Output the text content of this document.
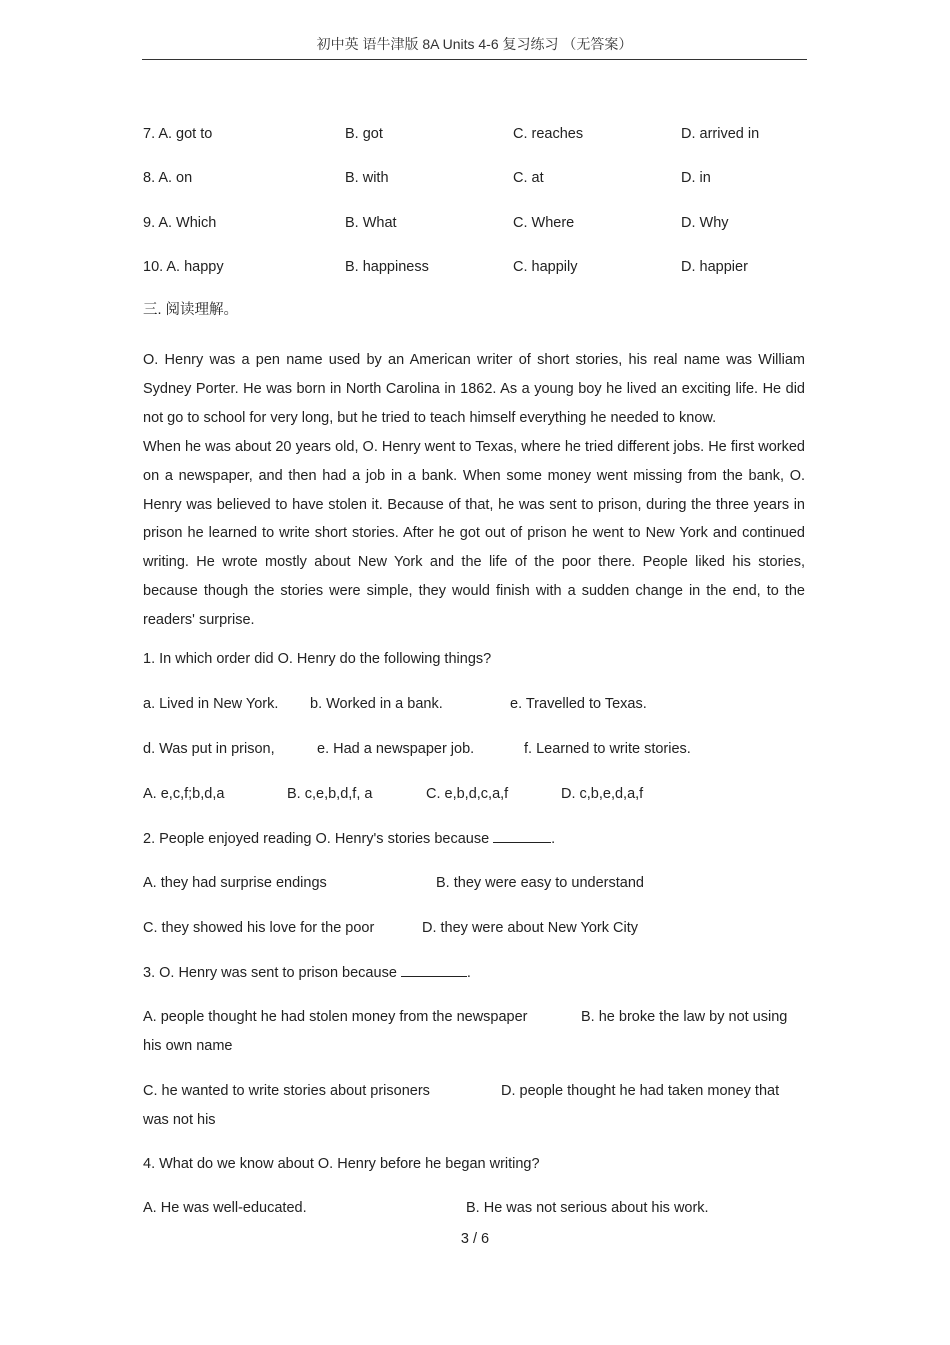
初中英 语牛津版 8A Units 4-6 复习练习 （无答案）
7. A. got to	B. got	C. reaches	D. arrived in
8. A. on	B. with	C. at	D. in
9. A. Which	B. What	C. Where	D. Why
10. A. happy	B. happiness	C. happily	D. happier
三. 阅读理解。

O. Henry was a pen name used by an American writer of short stories, his real name was William Sydney Porter. He was born in North Carolina in 1862. As a young boy he lived an exciting life. He did not go to school for very long, but he tried to teach himself everything he needed to know.

When he was about 20 years old, O. Henry went to Texas, where he tried different jobs. He first worked on a newspaper, and then had a job in a bank. When some money went missing from the bank, O. Henry was believed to have stolen it. Because of that, he was sent to prison, during the three years in prison he learned to write short stories. After he got out of prison he went to New York and continued writing. He wrote mostly about New York and the life of the poor there. People liked his stories, because though the stories were simple, they would finish with a sudden change in the end, to the readers' surprise.

1. In which order did O. Henry do the following things?
a. Lived in New York. b. Worked in a bank.	e. Travelled to Texas.
d. Was put in prison,	e. Had a newspaper job.	f. Learned to write stories.
A. e,c,f;b,d,a	B. c,e,b,d,f, a	C. e,b,d,c,a,f	D. c,b,e,d,a,f
2. People enjoyed reading O. Henry's stories because	.
A. they had surprise endings	B. they were easy to understand
C. they showed his love for the poor	D. they were about New York City
3. O. Henry was sent to prison because	.
A. people thought he had stolen money from the newspaper	B. he broke the law by not using
his own name
C. he wanted to write stories about prisoners	D. people thought he had taken money that
was not his
4. What do we know about O. Henry before he began writing?
A. He was well-educated.	B. He was not serious about his work.
3 / 6
